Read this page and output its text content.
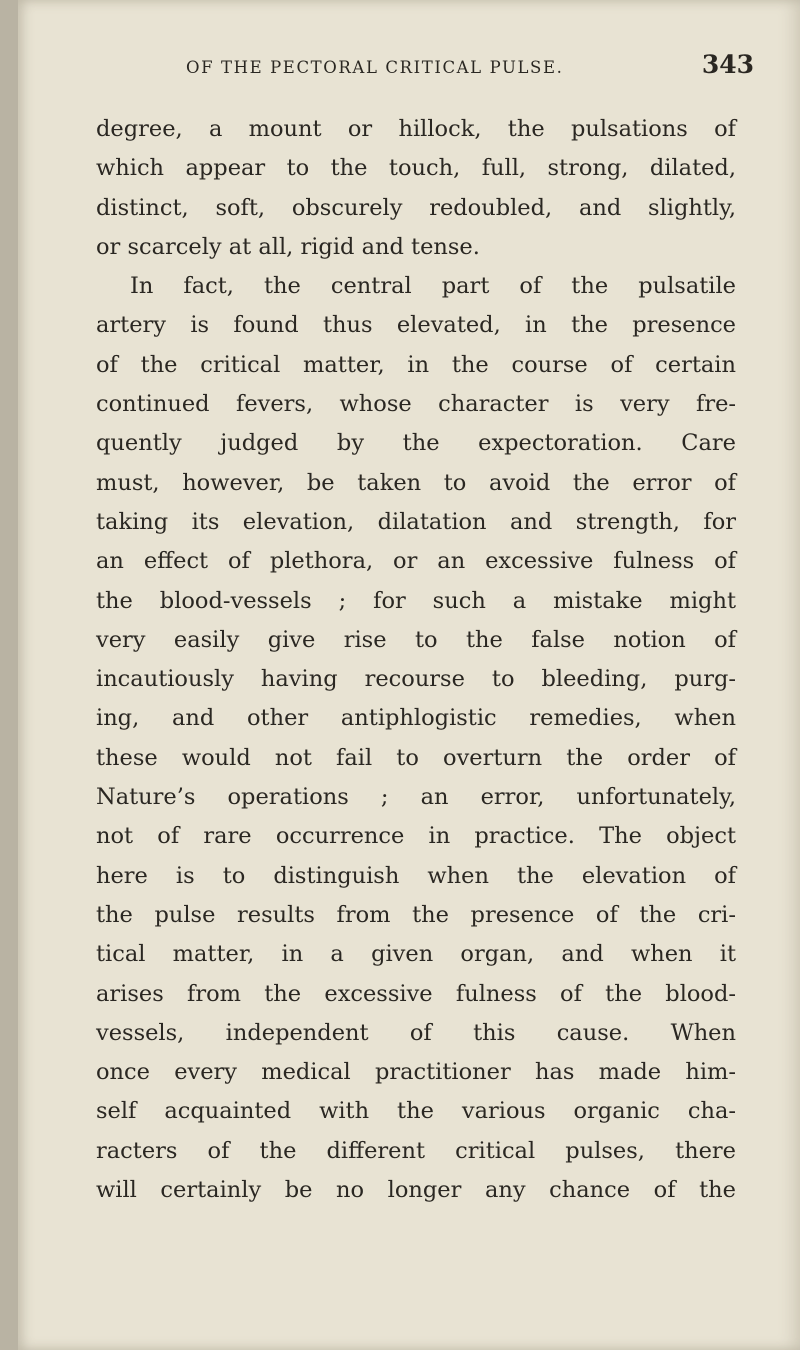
OF THE PECTORAL CRITICAL PULSE.	343
degree, a mount or hillock, the pulsations of
which appear to the touch, full, strong, dilated,
distinct, soft, obscurely redoubled, and slightly,
or scarcely at all, rigid and tense.
In fact, the central part of the pulsatile
artery is found thus elevated, in the presence
of the critical matter, in the course of certain
continued fevers, whose character is very fre-
quently judged by the expectoration. Care
must, however, be taken to avoid the error of
taking its elevation, dilatation and strength, for
an effect of plethora, or an excessive fulness of
the blood-vessels ; for such a mistake might
very easily give rise to the false notion of
incautiously having recourse to bleeding, purg-
ing, and other antiphlogistic remedies, when
these would not fail to overturn the order of
Nature’s operations ; an error, unfortunately,
not of rare occurrence in practice. The object
here is to distinguish when the elevation of
the pulse results from the presence of the cri-
tical matter, in a given organ, and when it
arises from the excessive fulness of the blood-
vessels, independent of this cause. When
once every medical practitioner has made him-
self acquainted with the various organic cha-
racters of the different critical pulses, there
will certainly be no longer any chance of the
